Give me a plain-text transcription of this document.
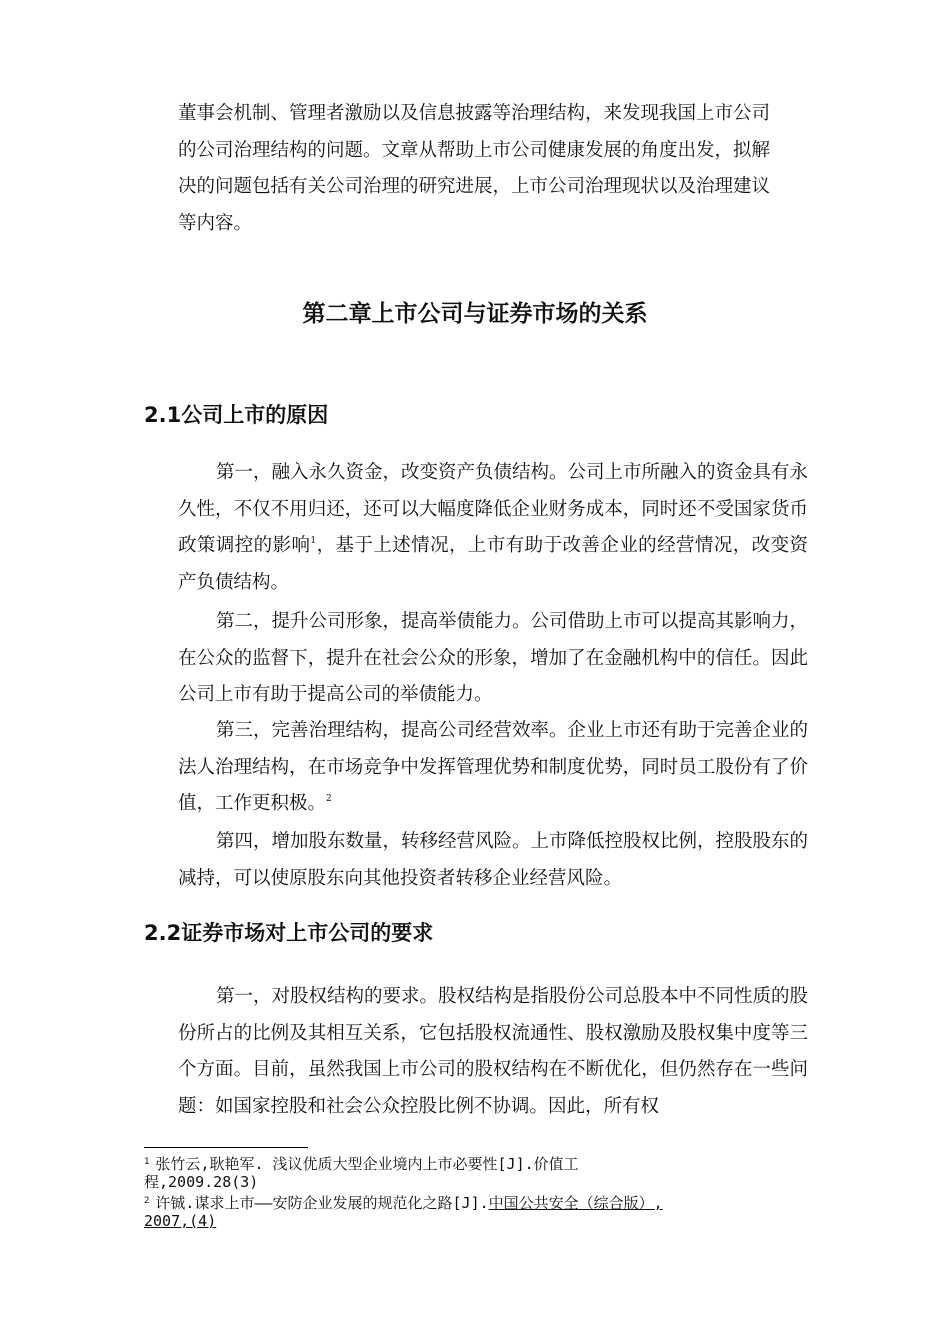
董事会机制、管理者激励以及信息披露等治理结构，来发现我国上市公司
的公司治理结构的问题。文章从帮助上市公司健康发展的角度出发，拟解
决的问题包括有关公司治理的研究进展，上市公司治理现状以及治理建议
等内容。
第二章上市公司与证券市场的关系
2.1公司上市的原因

第一，融入永久资金，改变资产负债结构。公司上市所融入的资金具有永久性，不仅不用归还，还可以大幅度降低企业财务成本，同时还不受国家货币政策调控的影响$^1$，基于上述情况，上市有助于改善企业的经营情况，改变资产负债结构。

第二，提升公司形象，提高举债能力。公司借助上市可以提高其影响力，在公众的监督下，提升在社会公众的形象，增加了在金融机构中的信任。因此公司上市有助于提高公司的举债能力。

第三，完善治理结构，提高公司经营效率。企业上市还有助于完善企业的法人治理结构，在市场竞争中发挥管理优势和制度优势，同时员工股份有了价值，工作更积极。$^2$

第四，增加股东数量，转移经营风险。上市降低控股权比例，控股股东的减持，可以使原股东向其他投资者转移企业经营风险。

2.2证券市场对上市公司的要求

第一，对股权结构的要求。股权结构是指股份公司总股本中不同性质的股份所占的比例及其相互关系，它包括股权流通性、股权激励及股权集中度等三个方面。目前，虽然我国上市公司的股权结构在不断优化，但仍然存在一些问题：如国家控股和社会公众控股比例不协调。因此，所有权

$^1$ 张竹云,耿艳军. 浅议优质大型企业境内上市必要性[J].价值工
程,2009.28(3)
$^2$ 许铖.谋求上市——安防企业发展的规范化之路[J].中国公共安全（综合版）,
2007,(4)
